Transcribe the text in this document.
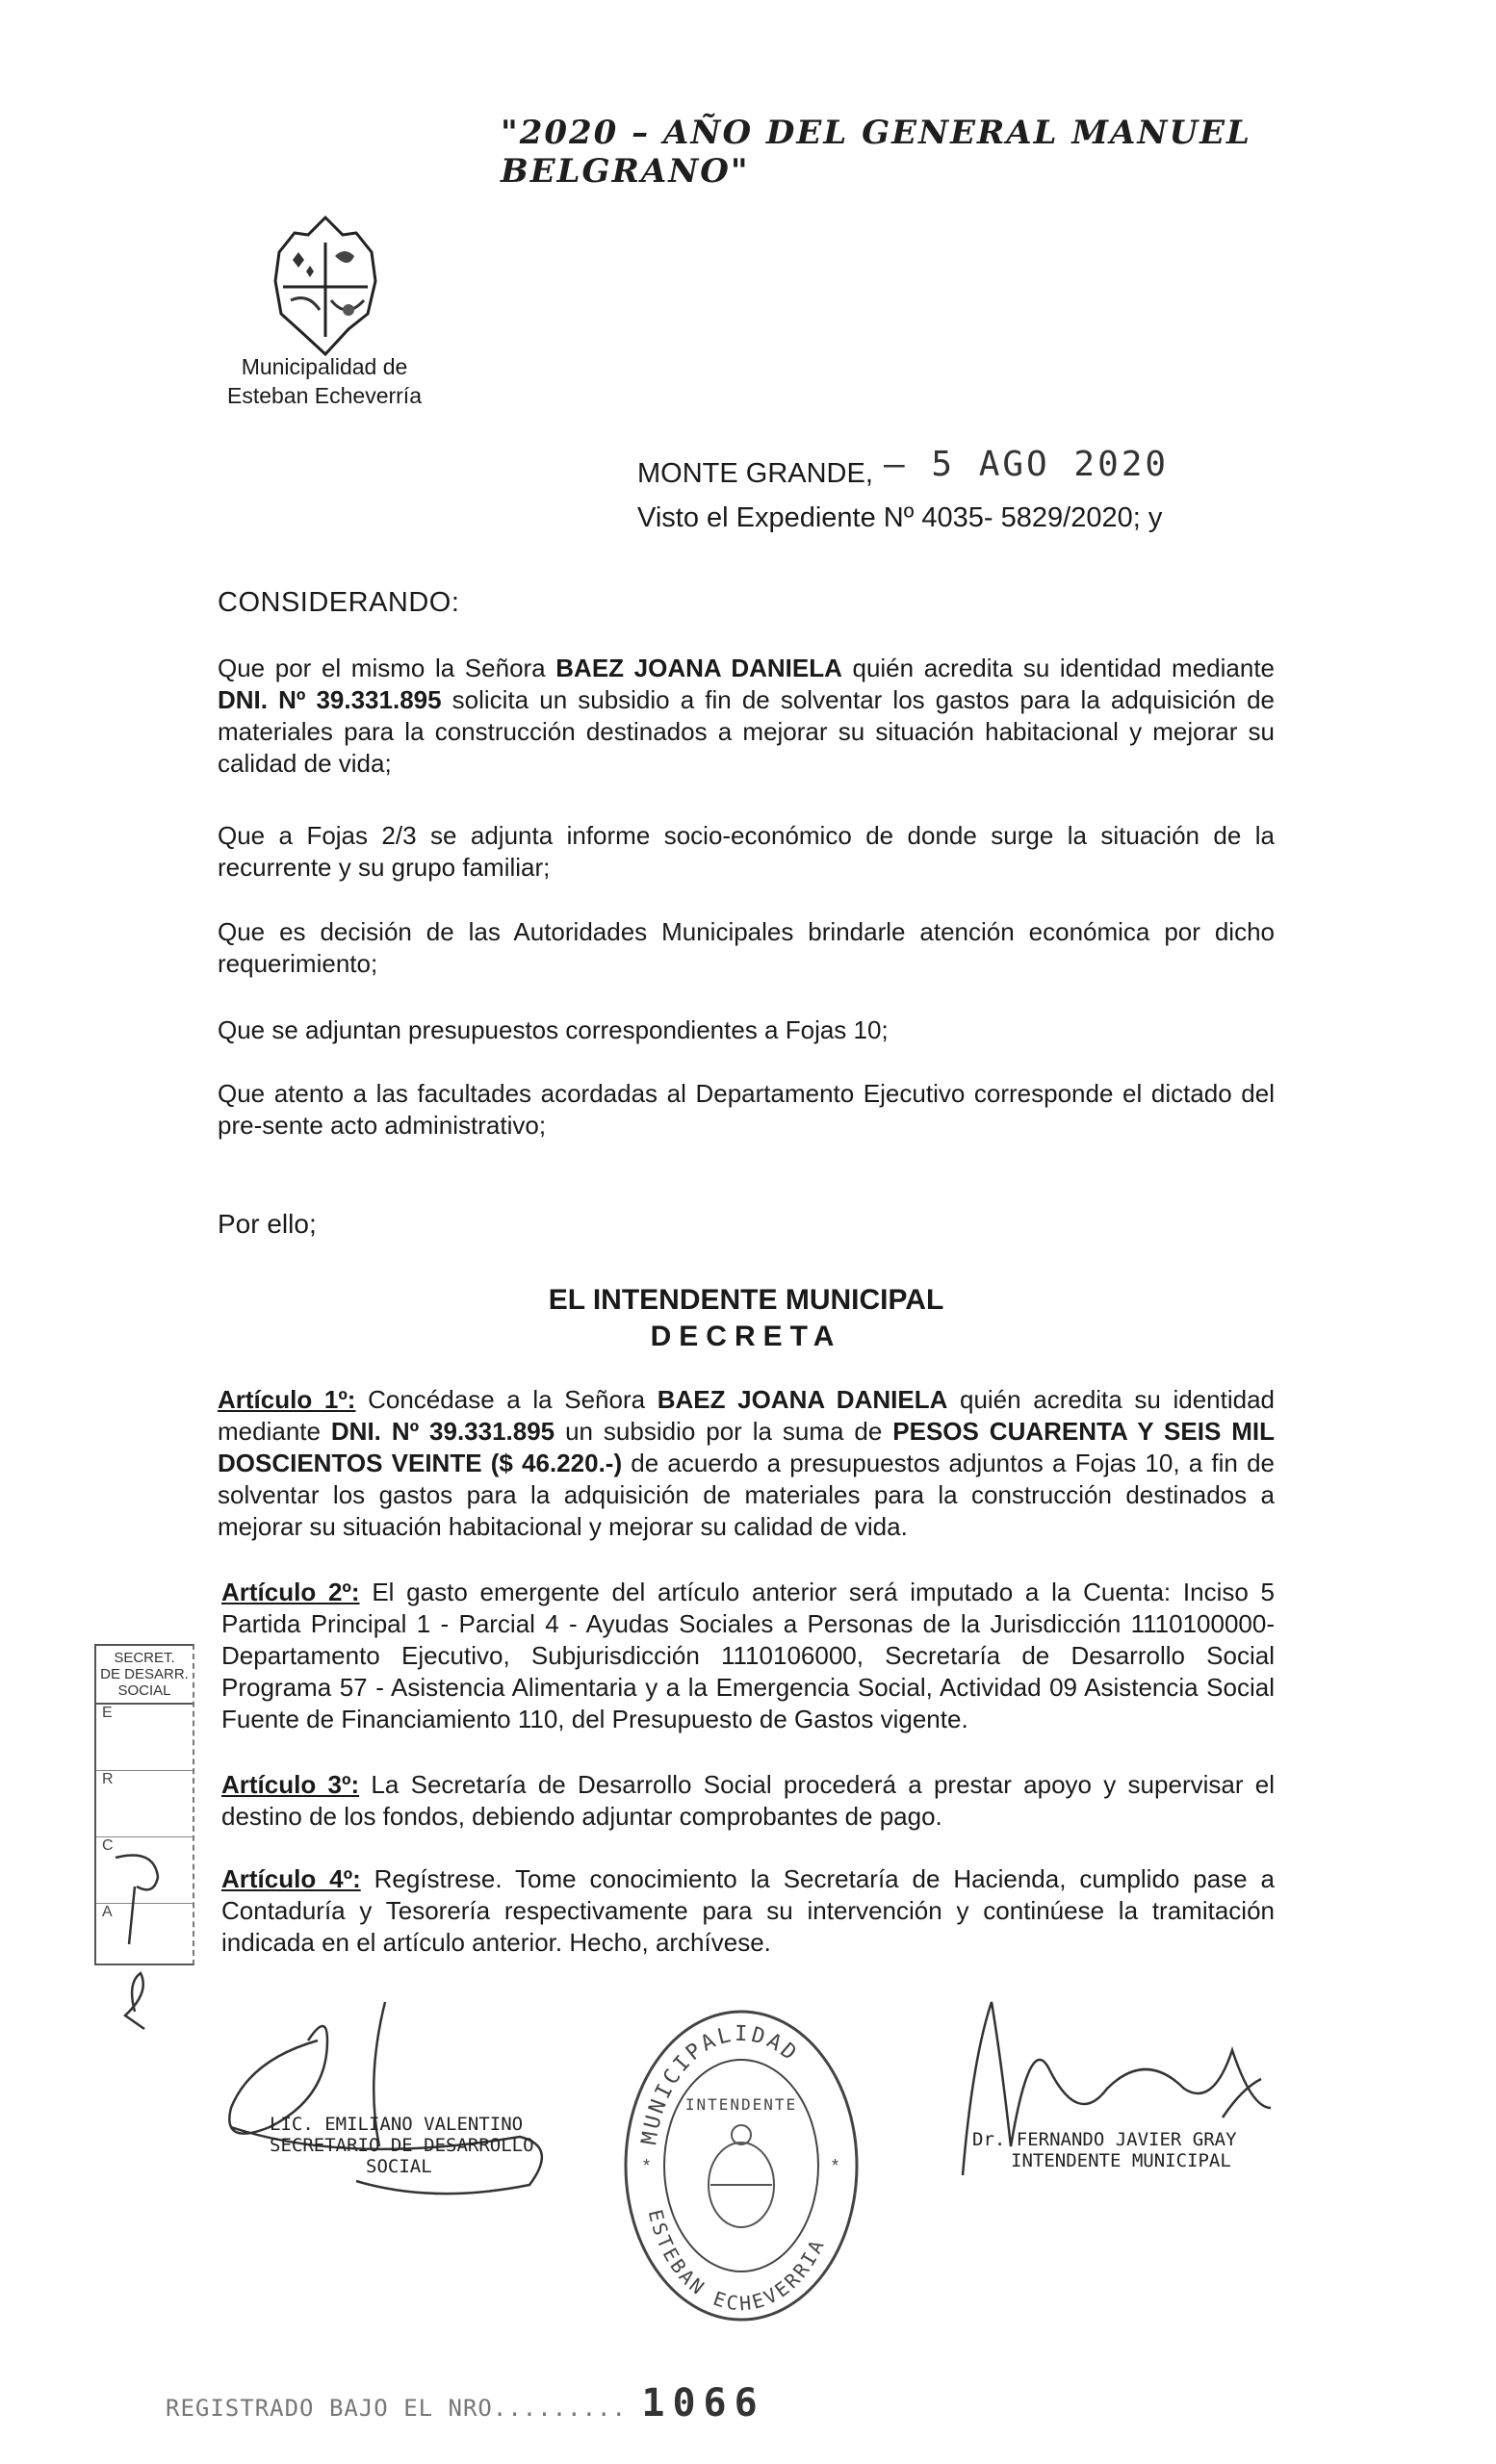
"2020 – AÑO DEL GENERAL MANUEL BELGRANO"
Municipalidad de
Esteban Echeverría
MONTE GRANDE, – 5 AGO 2020
Visto el Expediente Nº 4035- 5829/2020; y
CONSIDERANDO:
Que por el mismo la Señora BAEZ JOANA DANIELA quién acredita su identidad mediante DNI. Nº 39.331.895 solicita un subsidio a fin de solventar los gastos para la adquisición de materiales para la construcción destinados a mejorar su situación habitacional y mejorar su calidad de vida;
Que a Fojas 2/3 se adjunta informe socio-económico de donde surge la situación de la recurrente y su grupo familiar;
Que es decisión de las Autoridades Municipales brindarle atención económica por dicho requerimiento;
Que se adjuntan presupuestos correspondientes a Fojas 10;
Que atento a las facultades acordadas al Departamento Ejecutivo corresponde el dictado del pre-sente acto administrativo;
Por ello;
EL INTENDENTE MUNICIPAL
DECRETA
Artículo 1º: Concédase a la Señora BAEZ JOANA DANIELA quién acredita su identidad mediante DNI. Nº 39.331.895 un subsidio por la suma de PESOS CUARENTA Y SEIS MIL DOSCIENTOS VEINTE ($ 46.220.-) de acuerdo a presupuestos adjuntos a Fojas 10, a fin de solventar los gastos para la adquisición de materiales para la construcción destinados a mejorar su situación habitacional y mejorar su calidad de vida.
Artículo 2º: El gasto emergente del artículo anterior será imputado a la Cuenta: Inciso 5 Partida Principal 1 - Parcial 4 - Ayudas Sociales a Personas de la Jurisdicción 1110100000-Departamento Ejecutivo, Subjurisdicción 1110106000, Secretaría de Desarrollo Social Programa 57 - Asistencia Alimentaria y a la Emergencia Social, Actividad 09 Asistencia Social Fuente de Financiamiento 110, del Presupuesto de Gastos vigente.
Artículo 3º: La Secretaría de Desarrollo Social procederá a prestar apoyo y supervisar el destino de los fondos, debiendo adjuntar comprobantes de pago.
Artículo 4º: Regístrese. Tome conocimiento la Secretaría de Hacienda, cumplido pase a Contaduría y Tesorería respectivamente para su intervención y continúese la tramitación indicada en el artículo anterior. Hecho, archívese.
SECRET.
DE DESARR.
SOCIAL
E
R
C
A
LIC. EMILIANO VALENTINO
SECRETARIO DE DESARROLLO
SOCIAL
MUNICIPALIDAD
ESTEBAN ECHEVERRIA
INTENDENTE
*	*
Dr. FERNANDO JAVIER GRAY
INTENDENTE MUNICIPAL
REGISTRADO BAJO EL NRO......... 1066
